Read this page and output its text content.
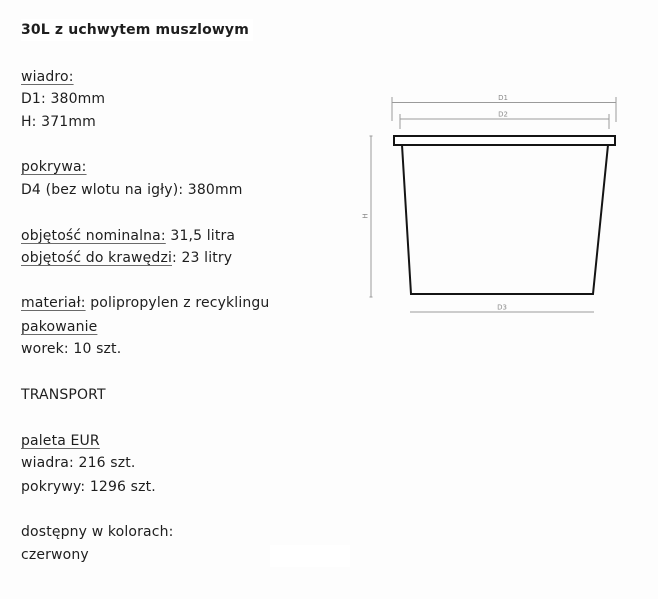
30L z uchwytem muszlowym
wiadro:
D1: 380mm
H: 371mm
pokrywa:
D4 (bez wlotu na igły): 380mm
objętość nominalna: 31,5 litra
objętość do krawędzi: 23 litry
materiał: polipropylen z recyklingu
pakowanie
worek: 10 szt.
TRANSPORT
paleta EUR
wiadra: 216 szt.
pokrywy: 1296 szt.
dostępny w kolorach:
czerwony
D1
D2
H
D3
